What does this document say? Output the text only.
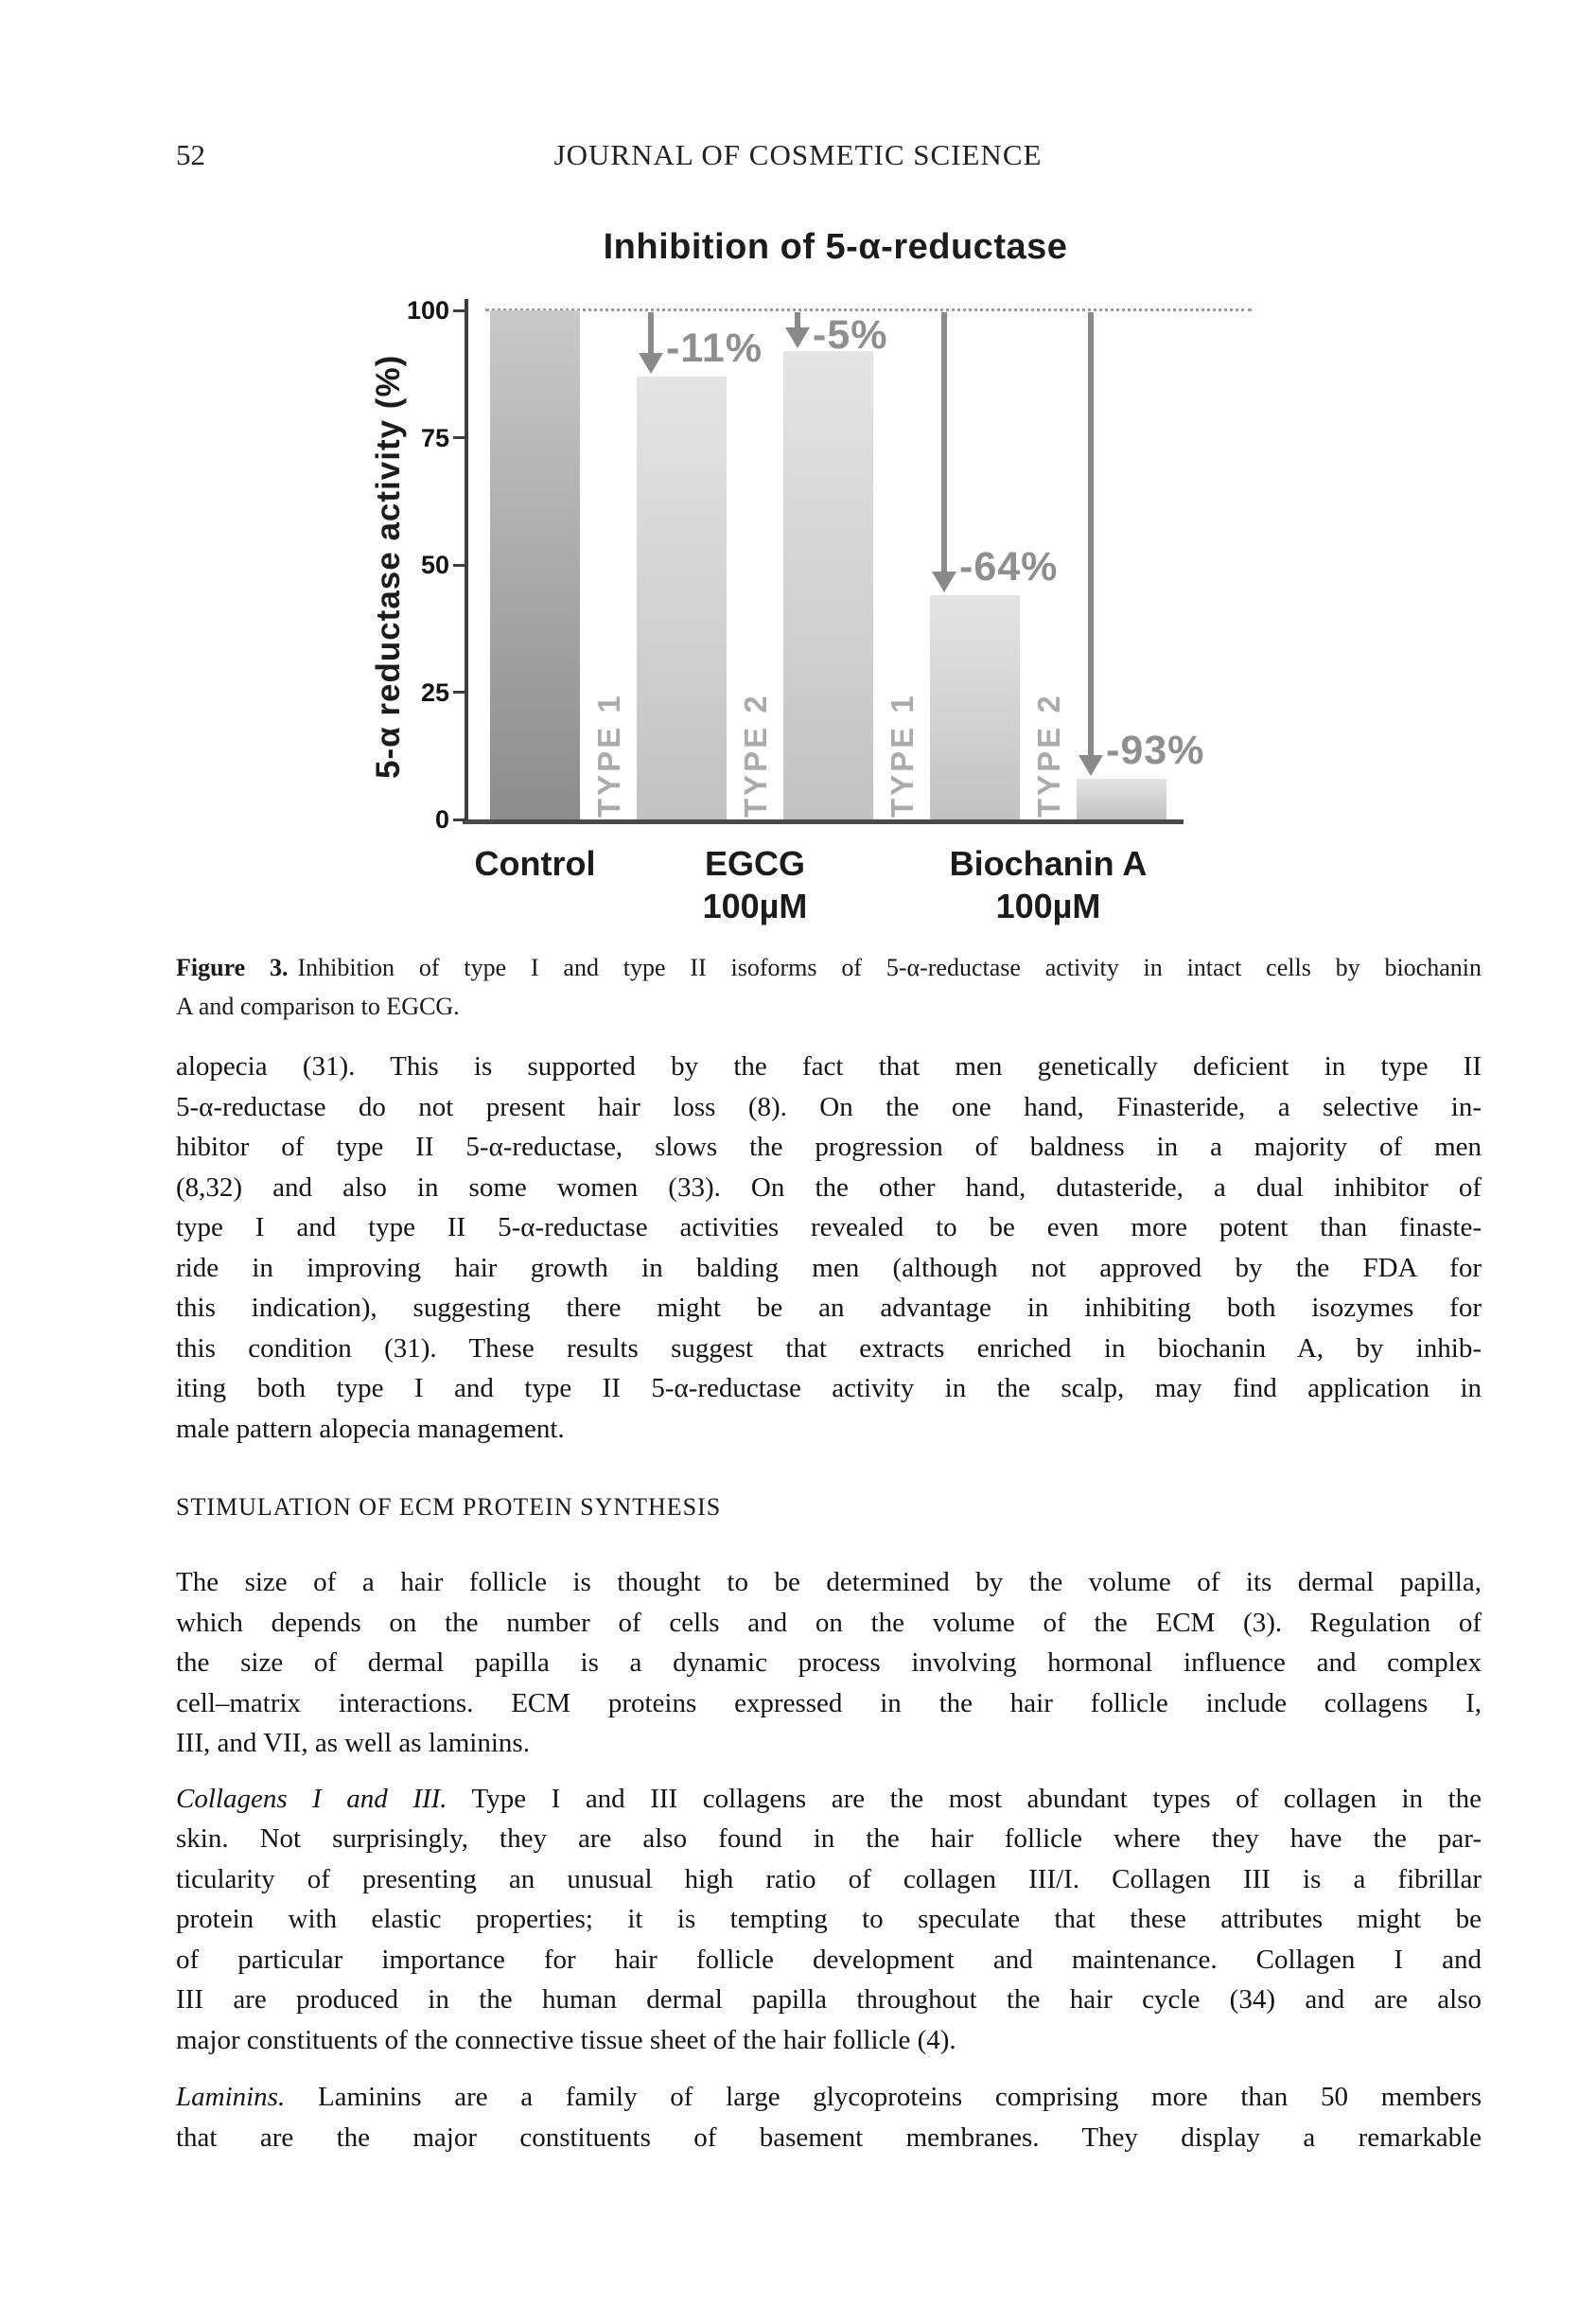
52	JOURNAL OF COSMETIC SCIENCE
Inhibition of 5-α-reductase
5-α reductase activity (%)
0
25
50
75
100
TYPE 1
-11%
TYPE 2
-5%
TYPE 1
-64%
TYPE 2 -93%
Control	EGCG
100µM
Biochanin A
100µM
Figure 3. Inhibition of type I and type II isoforms of 5-α-reductase activity in intact cells by biochanin
A and comparison to EGCG.
alopecia (31). This is supported by the fact that men genetically deficient in type II
5-α-reductase do not present hair loss (8). On the one hand, Finasteride, a selective in-
hibitor of type II 5-α-reductase, slows the progression of baldness in a majority of men
(8,32) and also in some women (33). On the other hand, dutasteride, a dual inhibitor of
type I and type II 5-α-reductase activities revealed to be even more potent than finaste-
ride in improving hair growth in balding men (although not approved by the FDA for
this indication), suggesting there might be an advantage in inhibiting both isozymes for
this condition (31). These results suggest that extracts enriched in biochanin A, by inhib-
iting both type I and type II 5-α-reductase activity in the scalp, may find application in
male pattern alopecia management.
STIMULATION OF ECM PROTEIN SYNTHESIS
The size of a hair follicle is thought to be determined by the volume of its dermal papilla,
which depends on the number of cells and on the volume of the ECM (3). Regulation of
the size of dermal papilla is a dynamic process involving hormonal influence and complex
cell–matrix interactions. ECM proteins expressed in the hair follicle include collagens I,
III, and VII, as well as laminins.
Collagens I and III. Type I and III collagens are the most abundant types of collagen in the
skin. Not surprisingly, they are also found in the hair follicle where they have the par-
ticularity of presenting an unusual high ratio of collagen III/I. Collagen III is a fibrillar
protein with elastic properties; it is tempting to speculate that these attributes might be
of particular importance for hair follicle development and maintenance. Collagen I and
III are produced in the human dermal papilla throughout the hair cycle (34) and are also
major constituents of the connective tissue sheet of the hair follicle (4).
Laminins. Laminins are a family of large glycoproteins comprising more than 50 members
that are the major constituents of basement membranes. They display a remarkable
